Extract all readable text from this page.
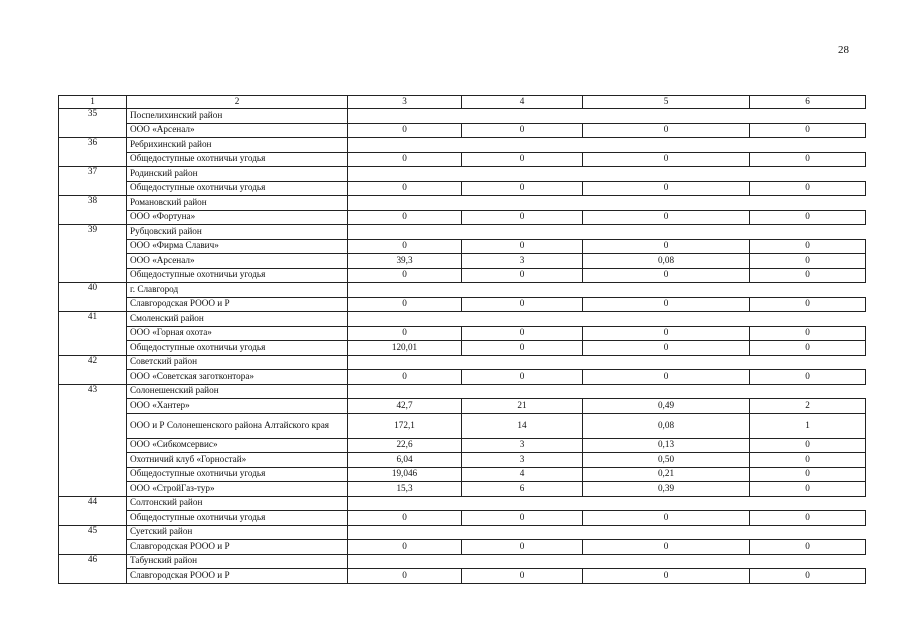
28
1	2	3	4	5	6
35	Поспелихинский район				
	ООО «Арсенал»	0	0	0	0
36	Ребрихинский район				
	Общедоступные охотничьи угодья	0	0	0	0
37	Родинский район				
	Общедоступные охотничьи угодья	0	0	0	0
38	Романовский район				
	ООО «Фортуна»	0	0	0	0
39	Рубцовский район				
	ООО «Фирма Славич»	0	0	0	0
	ООО «Арсенал»	39,3	3	0,08	0
	Общедоступные охотничьи угодья	0	0	0	0
40	г. Славгород				
	Славгородская РООО и Р	0	0	0	0
41	Смоленский район				
	ООО «Горная охота»	0	0	0	0
	Общедоступные охотничьи угодья	120,01	0	0	0
42	Советский район				
	ООО «Советская заготконтора»	0	0	0	0
43	Солонешенский район				
	ООО «Хантер»	42,7	21	0,49	2
	ООО и Р Солонешенского района Алтайского края	172,1	14	0,08	1
	ООО «Сибкомсервис»	22,6	3	0,13	0
	Охотничий клуб «Горностай»	6,04	3	0,50	0
	Общедоступные охотничьи угодья	19,046	4	0,21	0
	ООО «СтройГаз-тур»	15,3	6	0,39	0
44	Солтонский район				
	Общедоступные охотничьи угодья	0	0	0	0
45	Суетский район				
	Славгородская РООО и Р	0	0	0	0
46	Табунский район				
	Славгородская РООО и Р	0	0	0	0
